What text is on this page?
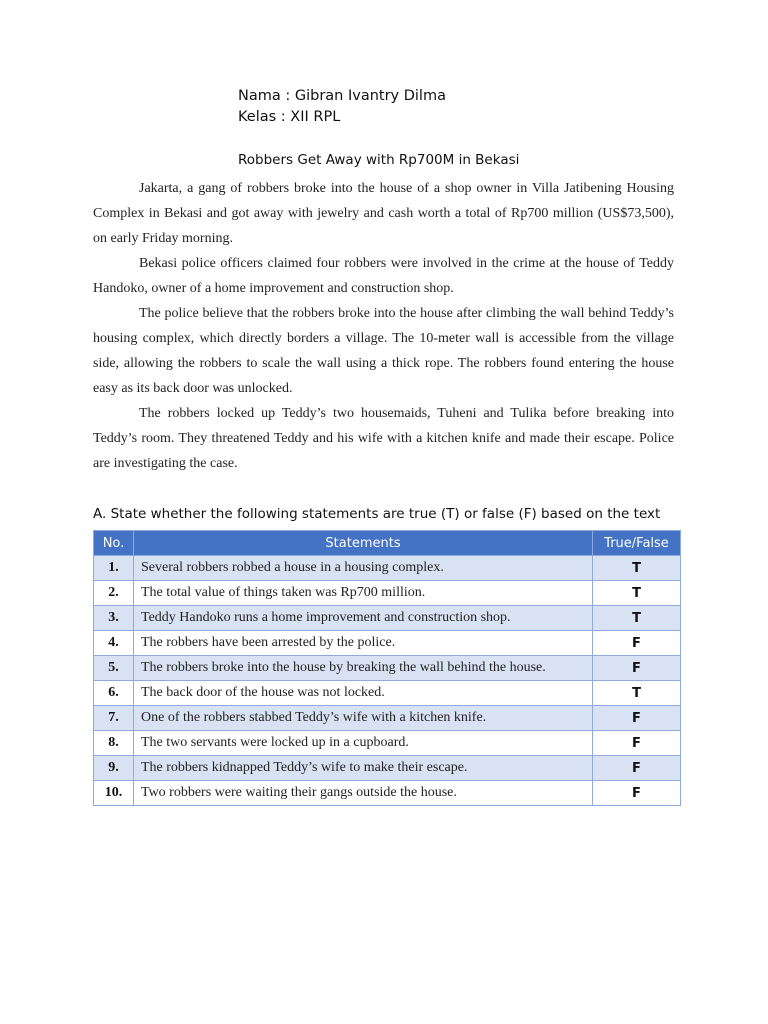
Nama : Gibran Ivantry Dilma
Kelas : XII RPL
Robbers Get Away with Rp700M in Bekasi

Jakarta, a gang of robbers broke into the house of a shop owner in Villa Jatibening Housing Complex in Bekasi and got away with jewelry and cash worth a total of Rp700 million (US$73,500), on early Friday morning.

Bekasi police officers claimed four robbers were involved in the crime at the house of Teddy Handoko, owner of a home improvement and construction shop.

The police believe that the robbers broke into the house after climbing the wall behind Teddy’s housing complex, which directly borders a village. The 10-meter wall is accessible from the village side, allowing the robbers to scale the wall using a thick rope. The robbers found entering the house easy as its back door was unlocked.

The robbers locked up Teddy’s two housemaids, Tuheni and Tulika before breaking into Teddy’s room. They threatened Teddy and his wife with a kitchen knife and made their escape. Police are investigating the case.

A. State whether the following statements are true (T) or false (F) based on the text
No.	Statements	True/False
1.	Several robbers robbed a house in a housing complex.	T
2.	The total value of things taken was Rp700 million.	T
3.	Teddy Handoko runs a home improvement and construction shop.	T
4.	The robbers have been arrested by the police.	F
5.	The robbers broke into the house by breaking the wall behind the house.	F
6.	The back door of the house was not locked.	T
7.	One of the robbers stabbed Teddy’s wife with a kitchen knife.	F
8.	The two servants were locked up in a cupboard.	F
9.	The robbers kidnapped Teddy’s wife to make their escape.	F
10.	Two robbers were waiting their gangs outside the house.	F
